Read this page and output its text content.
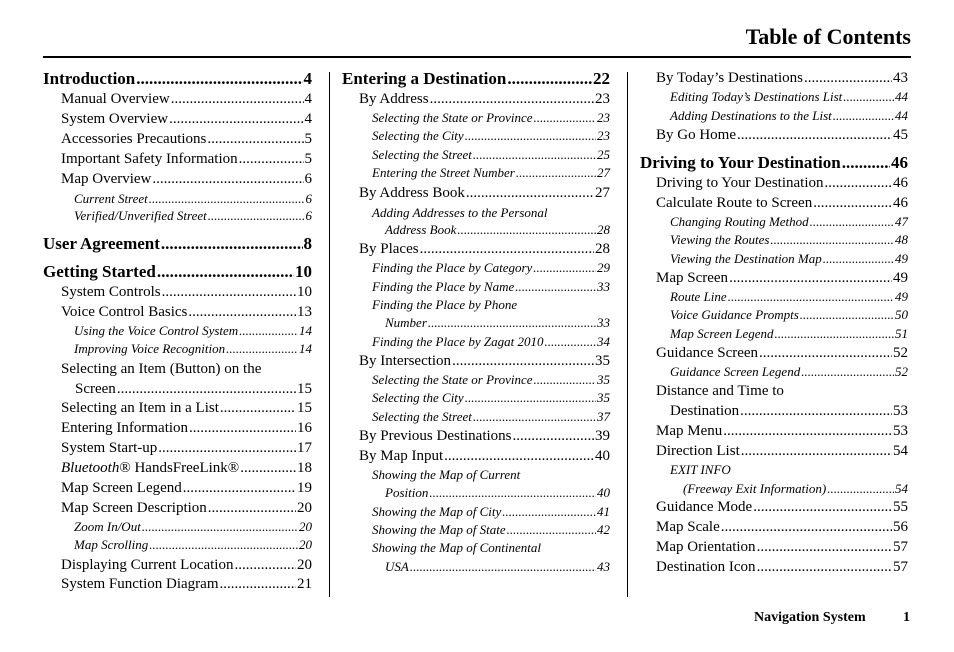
Table of Contents
Introduction .....	4
Manual Overview .....	4
System Overview .....	4
Accessories Precautions .....	5
Important Safety Information .....	5
Map Overview .....	6
Current Street .....	6
Verified/Unverified Street .....	6
User Agreement .....	8
Getting Started .....	10
System Controls .....	10
Voice Control Basics .....	13
Using the Voice Control System .....	14
Improving Voice Recognition .....	14
Selecting an Item (Button) on the
Screen .....	15
Selecting an Item in a List .....	15
Entering Information .....	16
System Start-up .....	17
Bluetooth® HandsFreeLink® .....	18
Map Screen Legend .....	19
Map Screen Description .....	20
Zoom In/Out .....	20
Map Scrolling .....	20
Displaying Current Location .....	20
System Function Diagram .....	21
Entering a Destination .....	22
By Address .....	23
Selecting the State or Province .....	23
Selecting the City .....	23
Selecting the Street .....	25
Entering the Street Number .....	27
By Address Book .....	27
Adding Addresses to the Personal
Address Book .....	28
By Places .....	28
Finding the Place by Category .....	29
Finding the Place by Name .....	33
Finding the Place by Phone
Number .....	33
Finding the Place by Zagat 2010 .....	34
By Intersection .....	35
Selecting the State or Province .....	35
Selecting the City .....	35
Selecting the Street .....	37
By Previous Destinations .....	39
By Map Input .....	40
Showing the Map of Current
Position .....	40
Showing the Map of City .....	41
Showing the Map of State .....	42
Showing the Map of Continental
USA .....	43
By Today’s Destinations .....	43
Editing Today’s Destinations List .....	44
Adding Destinations to the List .....	44
By Go Home .....	45
Driving to Your Destination .....	46
Driving to Your Destination .....	46
Calculate Route to Screen .....	46
Changing Routing Method .....	47
Viewing the Routes .....	48
Viewing the Destination Map .....	49
Map Screen .....	49
Route Line .....	49
Voice Guidance Prompts .....	50
Map Screen Legend .....	51
Guidance Screen .....	52
Guidance Screen Legend .....	52
Distance and Time to
Destination .....	53
Map Menu .....	53
Direction List .....	54
EXIT INFO
(Freeway Exit Information) .....	54
Guidance Mode .....	55
Map Scale .....	56
Map Orientation .....	57
Destination Icon .....	57
Navigation System	1
